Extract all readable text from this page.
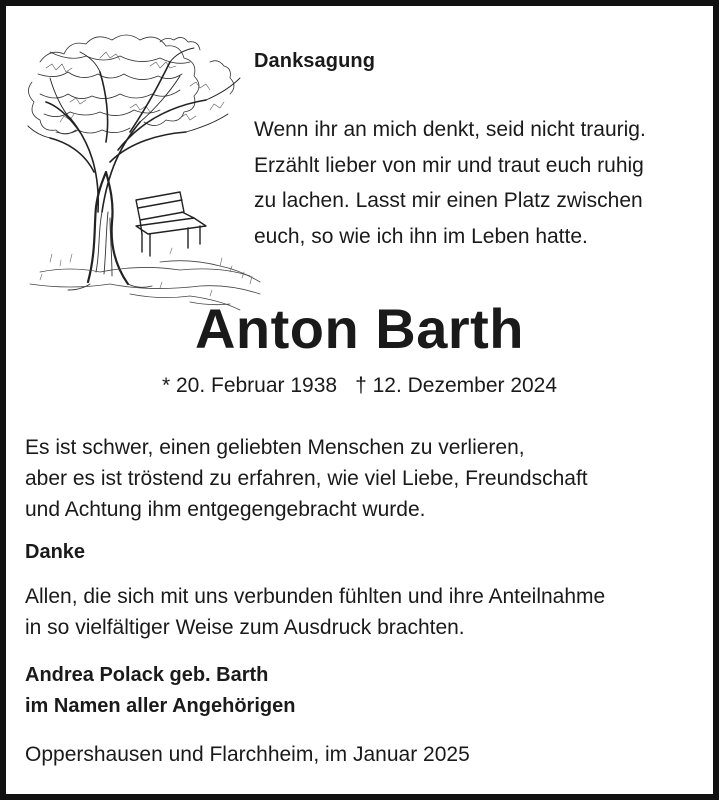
Danksagung
Wenn ihr an mich denkt, seid nicht traurig.
Erzählt lieber von mir und traut euch ruhig
zu lachen. Lasst mir einen Platz zwischen
euch, so wie ich ihn im Leben hatte.
Anton Barth
* 20. Februar 1938 † 12. Dezember 2024
Es ist schwer, einen geliebten Menschen zu verlieren,
aber es ist tröstend zu erfahren, wie viel Liebe, Freundschaft
und Achtung ihm entgegengebracht wurde.
Danke
Allen, die sich mit uns verbunden fühlten und ihre Anteilnahme
in so vielfältiger Weise zum Ausdruck brachten.
Andrea Polack geb. Barth
im Namen aller Angehörigen
Oppershausen und Flarchheim, im Januar 2025
